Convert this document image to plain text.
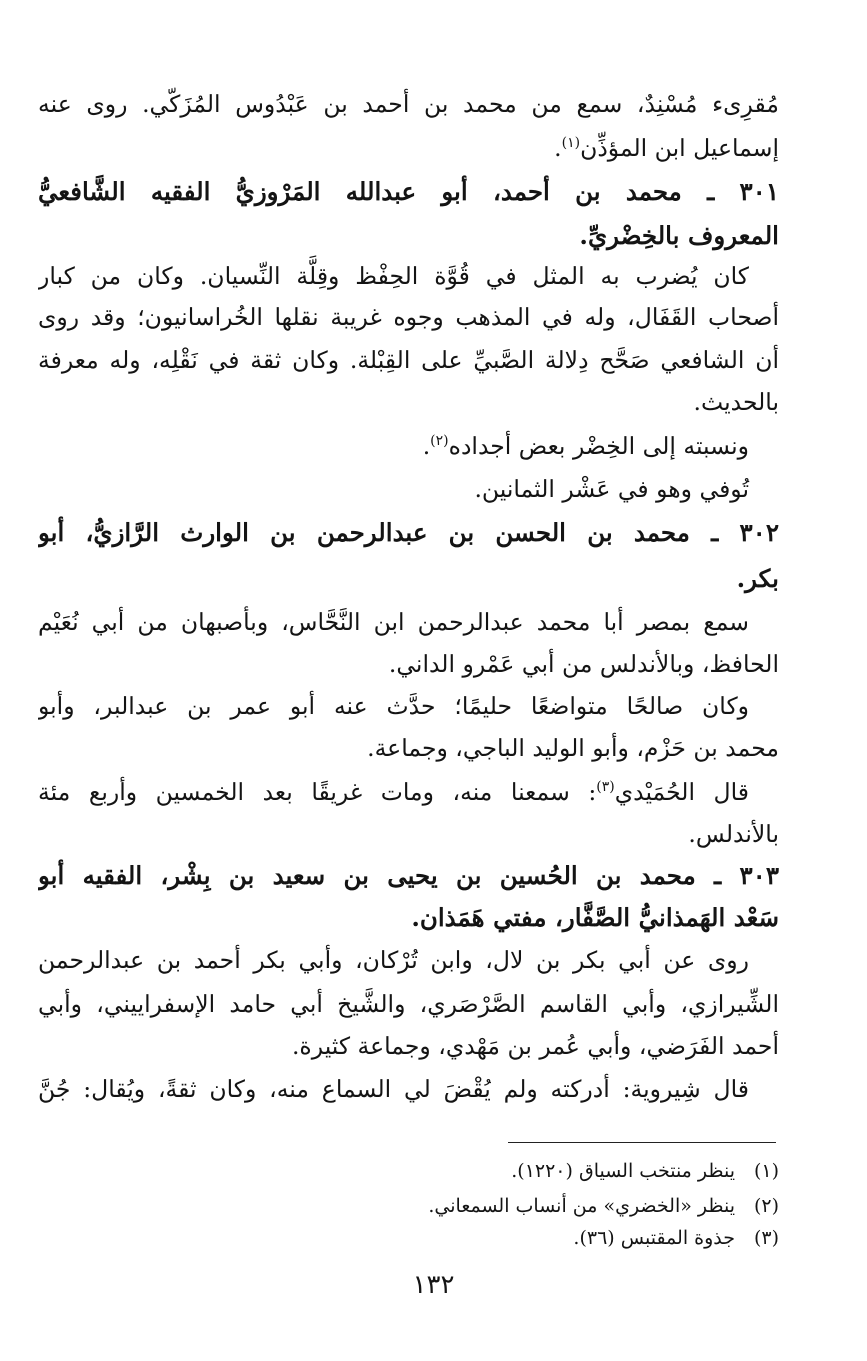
مُقرِىء مُسْنِدٌ، سمع من محمد بن أحمد بن عَبْدُوس المُزَكّي. روى عنه
إسماعيل ابن المؤذِّن$^{(١)}$.
٣٠١ ـ محمد بن أحمد، أبو عبدالله المَرْوزيُّ الفقيه الشَّافعيُّ
المعروف بالخِضْريِّ.
كان يُضرب به المثل في قُوَّة الحِفْظ وقِلَّة النِّسيان. وكان من كبار
أصحاب القَفَال، وله في المذهب وجوه غريبة نقلها الخُراسانيون؛ وقد روى
أن الشافعي صَحَّح دِلالة الصَّبيِّ على القِبْلة. وكان ثقة في نَقْلِه، وله معرفة
بالحديث.
ونسبته إلى الخِضْر بعض أجداده$^{(٢)}$.
تُوفي وهو في عَشْر الثمانين.
٣٠٢ ـ محمد بن الحسن بن عبدالرحمن بن الوارث الرَّازيُّ، أبو
بكر.
سمع بمصر أبا محمد عبدالرحمن ابن النَّحَّاس، وبأصبهان من أبي نُعَيْم
الحافظ، وبالأندلس من أبي عَمْرو الداني.
وكان صالحًا متواضعًا حليمًا؛ حدَّث عنه أبو عمر بن عبدالبر، وأبو
محمد بن حَزْم، وأبو الوليد الباجي، وجماعة.
قال الحُمَيْدي$^{(٣)}$: سمعنا منه، ومات غريقًا بعد الخمسين وأربع مئة
بالأندلس.
٣٠٣ ـ محمد بن الحُسين بن يحيى بن سعيد بن بِشْر، الفقيه أبو
سَعْد الهَمذانيُّ الصَّفَّار، مفتي هَمَذان.
روى عن أبي بكر بن لال، وابن تُرْكان، وأبي بكر أحمد بن عبدالرحمن
الشِّيرازي، وأبي القاسم الصَّرْصَري، والشَّيخ أبي حامد الإسفراييني، وأبي
أحمد الفَرَضي، وأبي عُمر بن مَهْدي، وجماعة كثيرة.
قال شِيروية: أدركته ولم يُقْضَ لي السماع منه، وكان ثقةً، ويُقال: جُنَّ
(١)ينظر منتخب السياق (١٢٢٠).
(٢)ينظر «الخضري» من أنساب السمعاني.
(٣)جذوة المقتبس (٣٦).
١٣٢
